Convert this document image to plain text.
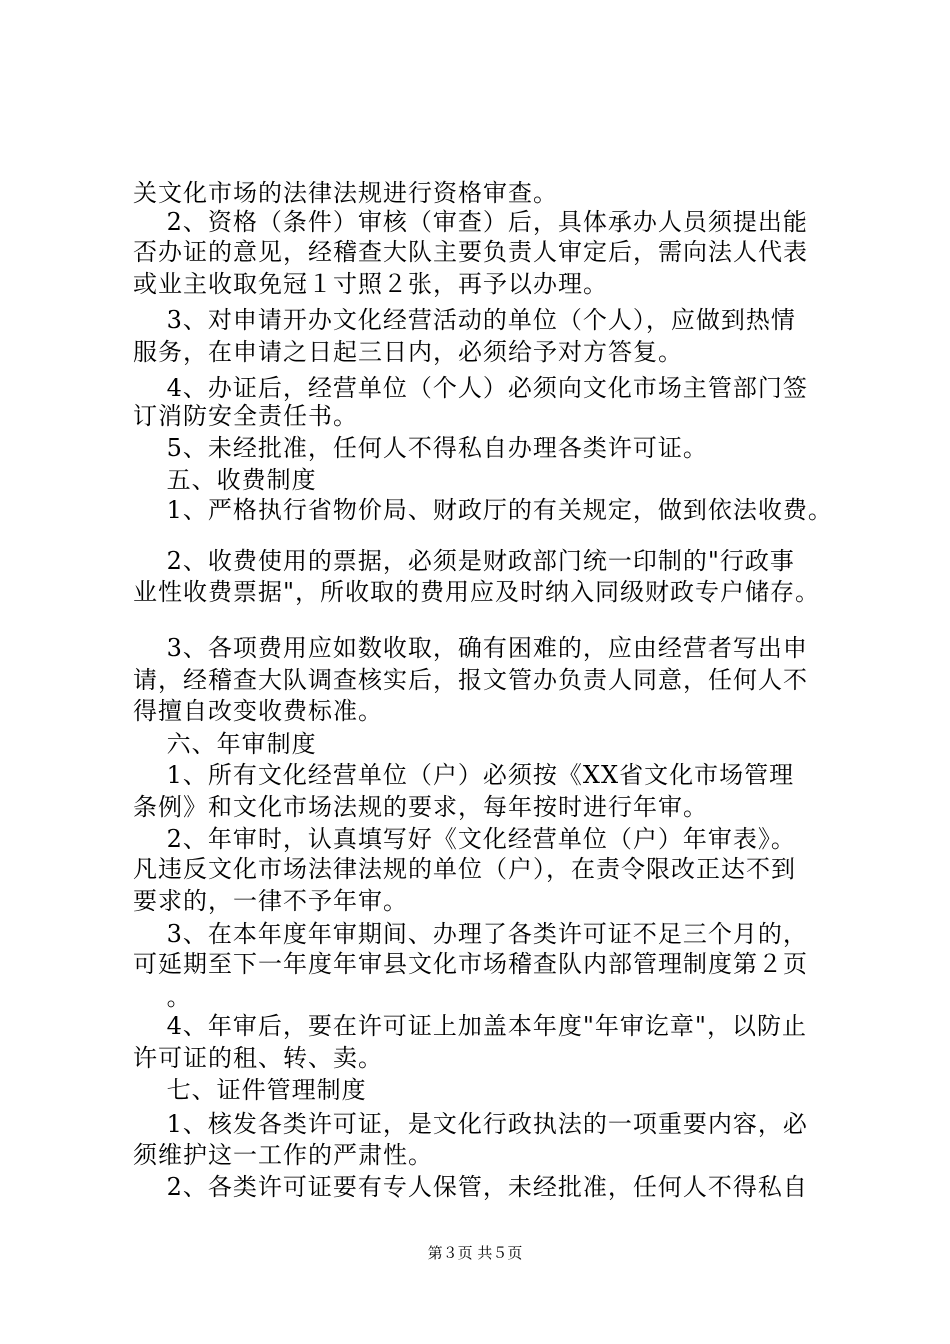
关文化市场的法律法规进行资格审查。
　 2、资格（条件）审核（审查）后，具体承办人员须提出能
否办证的意见，经稽查大队主要负责人审定后，需向法人代表
或业主收取免冠１寸照２张，再予以办理。
　 3、对申请开办文化经营活动的单位（个人），应做到热情
服务，在申请之日起三日内，必须给予对方答复。
　 4、办证后，经营单位（个人）必须向文化市场主管部门签
订消防安全责任书。
　 5、未经批准，任何人不得私自办理各类许可证。
　 五、收费制度
　 1、严格执行省物价局、财政厅的有关规定，做到依法收费。
　 2、收费使用的票据，必须是财政部门统一印制的"行政事
业性收费票据"，所收取的费用应及时纳入同级财政专户储存。
　 3、各项费用应如数收取，确有困难的，应由经营者写出申
请，经稽查大队调查核实后，报文管办负责人同意，任何人不
得擅自改变收费标准。
　 六、年审制度
　 1、所有文化经营单位（户）必须按《XX省文化市场管理
条例》和文化市场法规的要求，每年按时进行年审。
　 2、年审时，认真填写好《文化经营单位（户）年审表》。
凡违反文化市场法律法规的单位（户），在责令限改正达不到
要求的，一律不予年审。
　 3、在本年度年审期间、办理了各类许可证不足三个月的，
可延期至下一年度年审县文化市场稽查队内部管理制度第２页
　 。
　 4、年审后，要在许可证上加盖本年度"年审讫章"，以防止
许可证的租、转、卖。
　 七、证件管理制度
　 1、核发各类许可证，是文化行政执法的一项重要内容，必
须维护这一工作的严肃性。
　 2、各类许可证要有专人保管，未经批准，任何人不得私自
第３页 共５页
